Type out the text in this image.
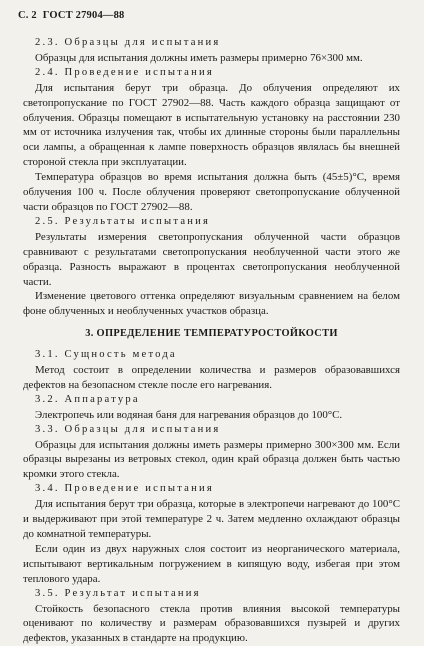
С. 2 ГОСТ 27904—88
2.3. Образцы для испытания

Образцы для испытания должны иметь размеры примерно 76×300 мм.

2.4. Проведение испытания

Для испытания берут три образца. До облучения определяют их светопропускание по ГОСТ 27902—88. Часть каждого образца защищают от облучения. Образцы помещают в испытательную установку на расстоянии 230 мм от источника излучения так, чтобы их длинные стороны были параллельны оси лампы, а обращенная к лампе поверхность образцов являлась бы внешней стороной стекла при эксплуатации.

Температура образцов во время испытания должна быть (45±5)°С, время облучения 100 ч. После облучения проверяют светопропускание облученной части образцов по ГОСТ 27902—88.

2.5. Результаты испытания

Результаты измерения светопропускания облученной части образцов сравнивают с результатами светопропускания необлученной части этого же образца. Разность выражают в процентах светопропускания необлученной части.

Изменение цветового оттенка определяют визуальным сравнением на белом фоне облученных и необлученных участков образца.

3. ОПРЕДЕЛЕНИЕ ТЕМПЕРАТУРОСТОЙКОСТИ
3.1. Сущность метода

Метод состоит в определении количества и размеров образовавшихся дефектов на безопасном стекле после его нагревания.

3.2. Аппаратура

Электропечь или водяная баня для нагревания образцов до 100°С.

3.3. Образцы для испытания

Образцы для испытания должны иметь размеры примерно 300×300 мм. Если образцы вырезаны из ветровых стекол, один край образца должен быть частью кромки этого стекла.

3.4. Проведение испытания

Для испытания берут три образца, которые в электропечи нагревают до 100°С и выдерживают при этой температуре 2 ч. Затем медленно охлаждают образцы до комнатной температуры.

Если один из двух наружных слоя состоит из неорганического материала, испытывают вертикальным погружением в кипящую воду, избегая при этом теплового удара.

3.5. Результат испытания

Стойкость безопасного стекла против влияния высокой температуры оценивают по количеству и размерам образовавшихся пузырей и других дефектов, указанных в стандарте на продукцию.
